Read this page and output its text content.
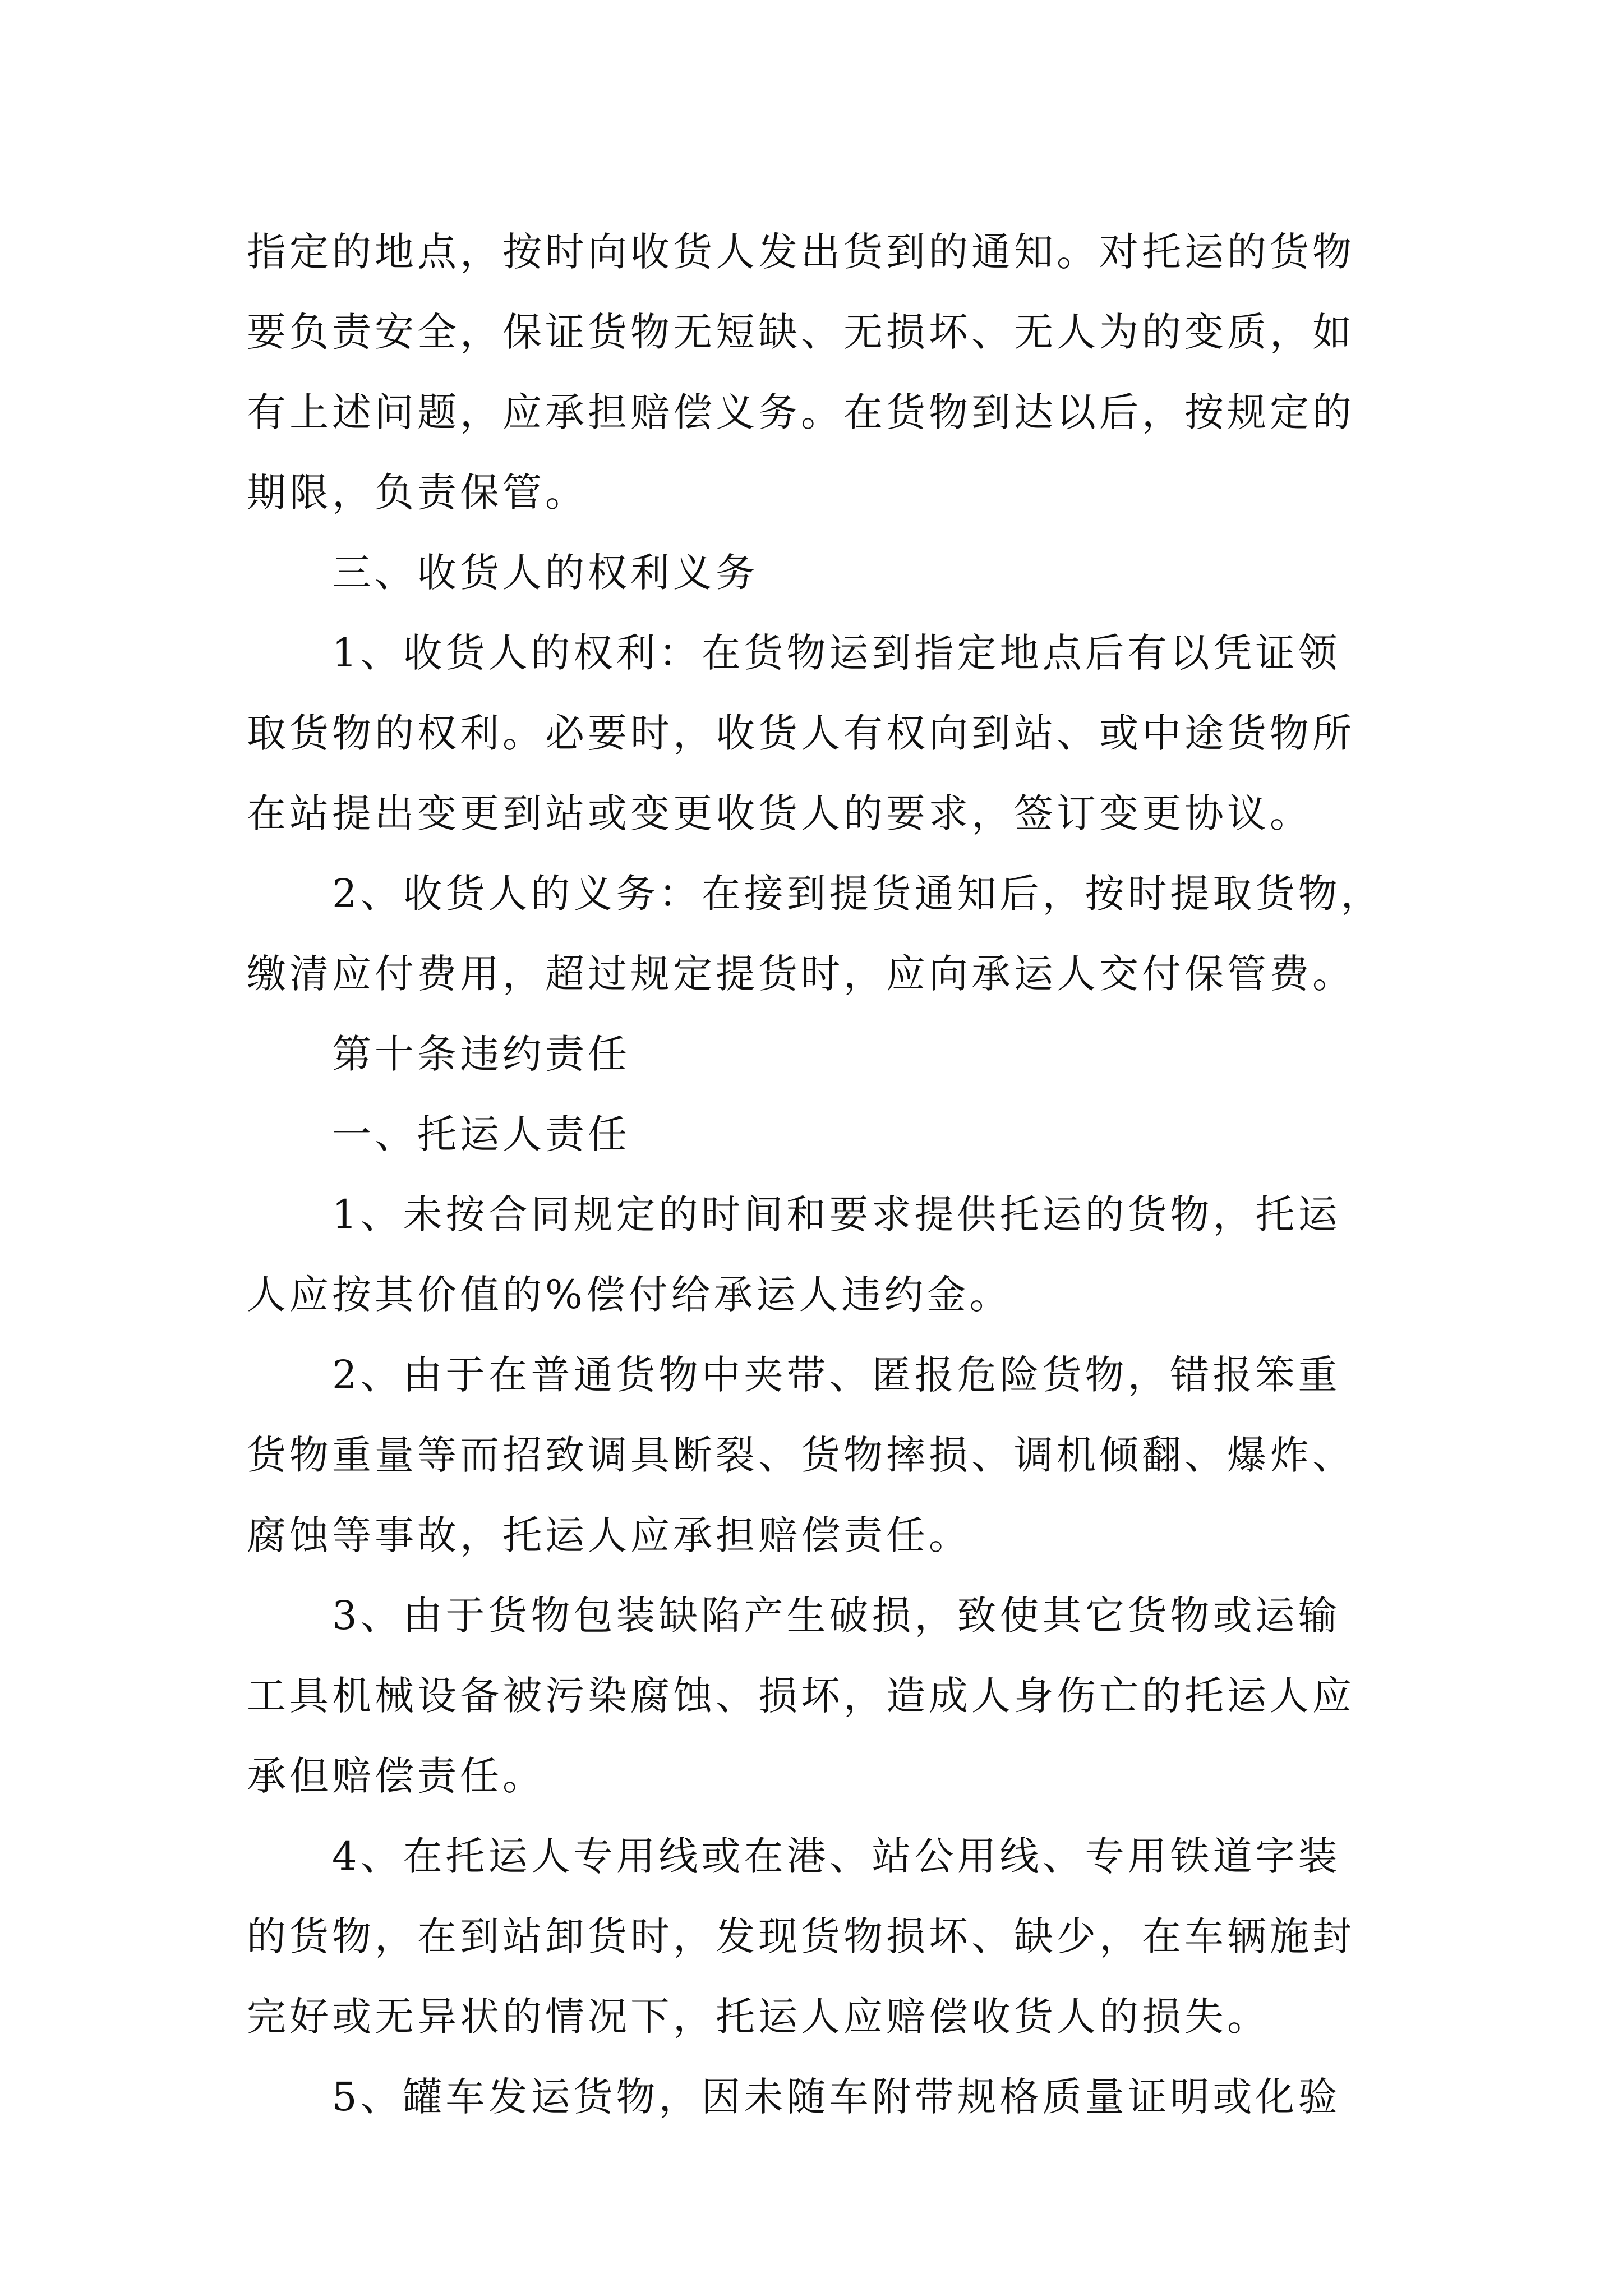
指定的地点，按时向收货人发出货到的通知。对托运的货物
要负责安全，保证货物无短缺、无损坏、无人为的变质，如
有上述问题，应承担赔偿义务。在货物到达以后，按规定的
期限，负责保管。
三、收货人的权利义务
1、收货人的权利：在货物运到指定地点后有以凭证领
取货物的权利。必要时，收货人有权向到站、或中途货物所
在站提出变更到站或变更收货人的要求，签订变更协议。
2、收货人的义务：在接到提货通知后，按时提取货物，
缴清应付费用，超过规定提货时，应向承运人交付保管费。
第十条违约责任
一、托运人责任
1、未按合同规定的时间和要求提供托运的货物，托运
人应按其价值的%偿付给承运人违约金。
2、由于在普通货物中夹带、匿报危险货物，错报笨重
货物重量等而招致调具断裂、货物摔损、调机倾翻、爆炸、
腐蚀等事故，托运人应承担赔偿责任。
3、由于货物包装缺陷产生破损，致使其它货物或运输
工具机械设备被污染腐蚀、损坏，造成人身伤亡的托运人应
承但赔偿责任。
4、在托运人专用线或在港、站公用线、专用铁道字装
的货物，在到站卸货时，发现货物损坏、缺少，在车辆施封
完好或无异状的情况下，托运人应赔偿收货人的损失。
5、罐车发运货物，因未随车附带规格质量证明或化验
